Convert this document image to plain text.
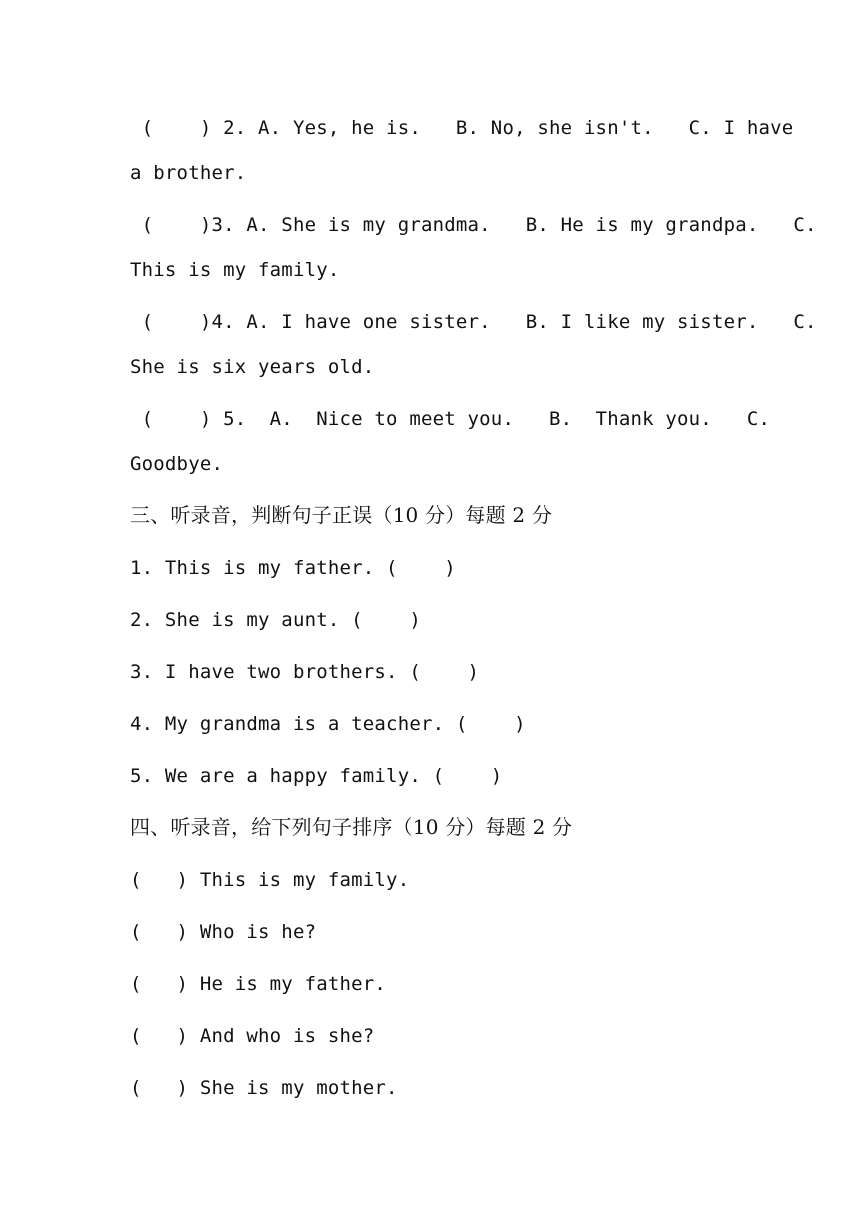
(    ) 2. A. Yes, he is.   B. No, she isn't.   C. I have
a brother.
(    )3. A. She is my grandma.   B. He is my grandpa.   C.
This is my family.
(    )4. A. I have one sister.   B. I like my sister.   C.
She is six years old.
(    ) 5.  A.  Nice to meet you.   B.  Thank you.   C.
Goodbye.
三、听录音，判断句子正误（10 分）每题 2 分
1. This is my father. (    )
2. She is my aunt. (    )
3. I have two brothers. (    )
4. My grandma is a teacher. (    )
5. We are a happy family. (    )
四、听录音，给下列句子排序（10 分）每题 2 分
(   ) This is my family.
(   ) Who is he?
(   ) He is my father.
(   ) And who is she?
(   ) She is my mother.
